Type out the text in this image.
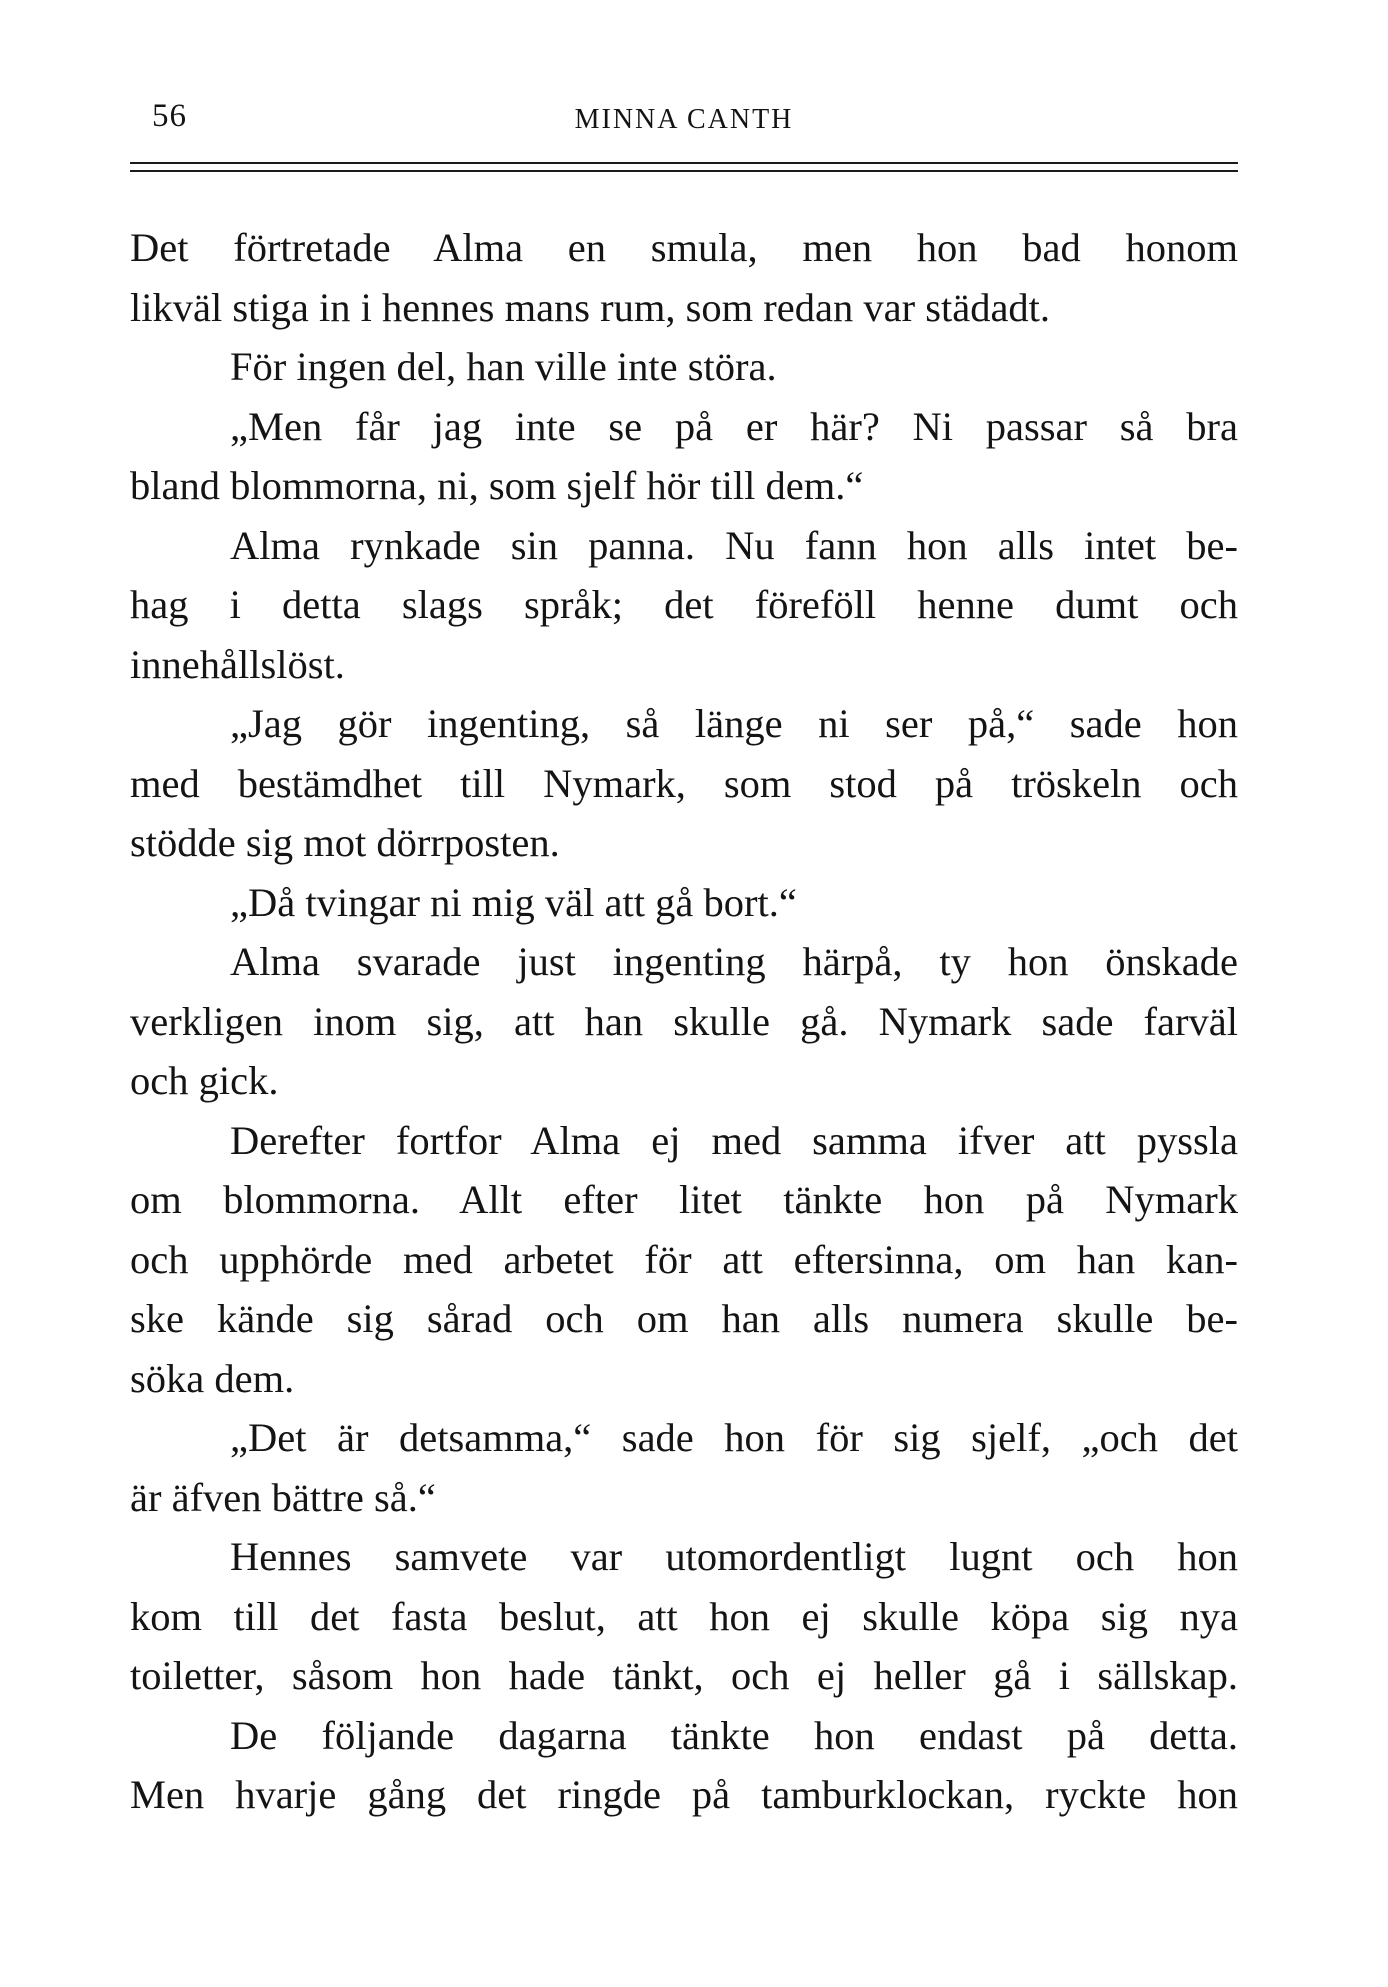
56	MINNA CANTH
Det förtretade Alma en smula, men hon bad honom
likväl stiga in i hennes mans rum, som redan var städadt.
För ingen del, han ville inte störa.
„Men får jag inte se på er här? Ni passar så bra
bland blommorna, ni, som sjelf hör till dem.“
Alma rynkade sin panna. Nu fann hon alls intet be-
hag i detta slags språk; det föreföll henne dumt och
innehållslöst.
„Jag gör ingenting, så länge ni ser på,“ sade hon
med bestämdhet till Nymark, som stod på tröskeln och
stödde sig mot dörrposten.
„Då tvingar ni mig väl att gå bort.“
Alma svarade just ingenting härpå, ty hon önskade
verkligen inom sig, att han skulle gå. Nymark sade farväl
och gick.
Derefter fortfor Alma ej med samma ifver att pyssla
om blommorna. Allt efter litet tänkte hon på Nymark
och upphörde med arbetet för att eftersinna, om han kan-
ske kände sig sårad och om han alls numera skulle be-
söka dem.
„Det är detsamma,“ sade hon för sig sjelf, „och det
är äfven bättre så.“
Hennes samvete var utomordentligt lugnt och hon
kom till det fasta beslut, att hon ej skulle köpa sig nya
toiletter, såsom hon hade tänkt, och ej heller gå i sällskap.
De följande dagarna tänkte hon endast på detta.
Men hvarje gång det ringde på tamburklockan, ryckte hon
